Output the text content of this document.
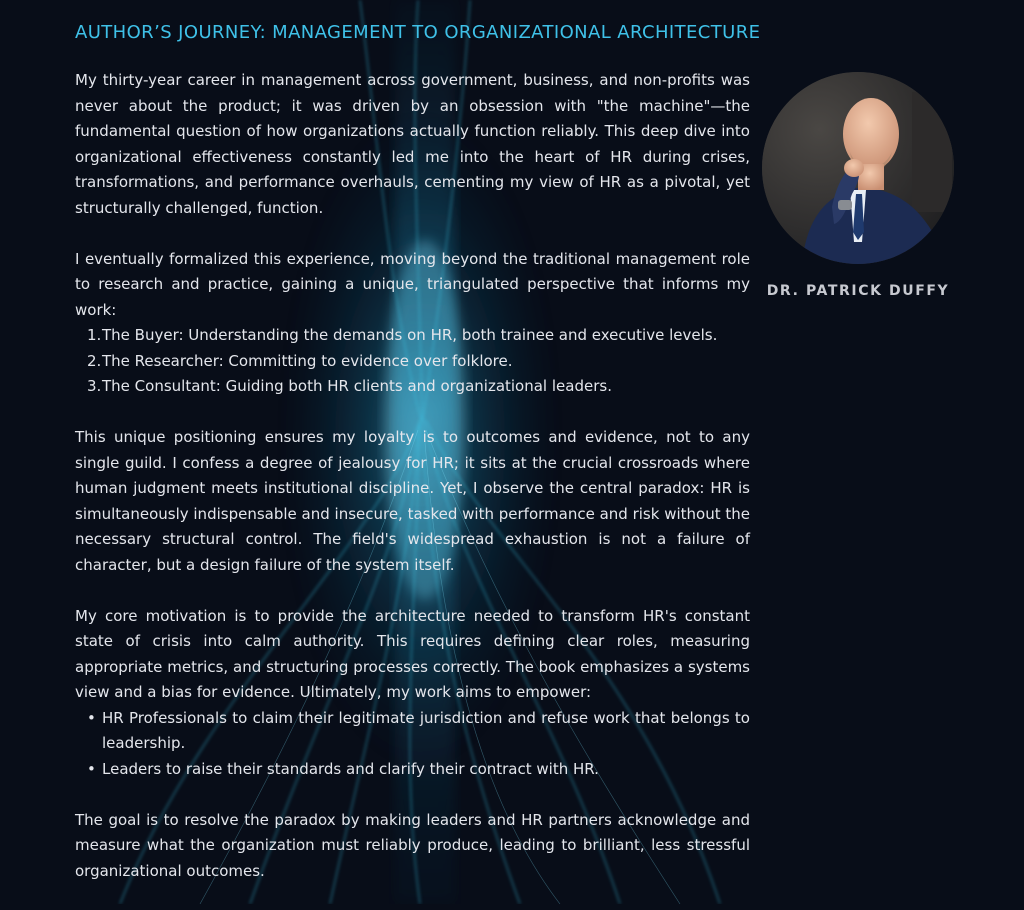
AUTHOR’S JOURNEY: MANAGEMENT TO ORGANIZATIONAL ARCHITECTURE

My thirty-year career in management across government, business, and non-profits was never about the product; it was driven by an obsession with "the machine"—the fundamental question of how organizations actually function reliably. This deep dive into organizational effectiveness constantly led me into the heart of HR during crises, transformations, and performance overhauls, cementing my view of HR as a pivotal, yet structurally challenged, function.

I eventually formalized this experience, moving beyond the traditional management role to research and practice, gaining a unique, triangulated perspective that informs my work:

1. The Buyer: Understanding the demands on HR, both trainee and executive levels.
2. The Researcher: Committing to evidence over folklore.
3. The Consultant: Guiding both HR clients and organizational leaders.

This unique positioning ensures my loyalty is to outcomes and evidence, not to any single guild. I confess a degree of jealousy for HR; it sits at the crucial crossroads where human judgment meets institutional discipline. Yet, I observe the central paradox: HR is simultaneously indispensable and insecure, tasked with performance and risk without the necessary structural control. The field's widespread exhaustion is not a failure of character, but a design failure of the system itself.

My core motivation is to provide the architecture needed to transform HR's constant state of crisis into calm authority. This requires defining clear roles, measuring appropriate metrics, and structuring processes correctly. The book emphasizes a systems view and a bias for evidence. Ultimately, my work aims to empower:

• HR Professionals to claim their legitimate jurisdiction and refuse work that belongs to leadership.
• Leaders to raise their standards and clarify their contract with HR.

The goal is to resolve the paradox by making leaders and HR partners acknowledge and measure what the organization must reliably produce, leading to brilliant, less stressful organizational outcomes.

DR. PATRICK DUFFY
